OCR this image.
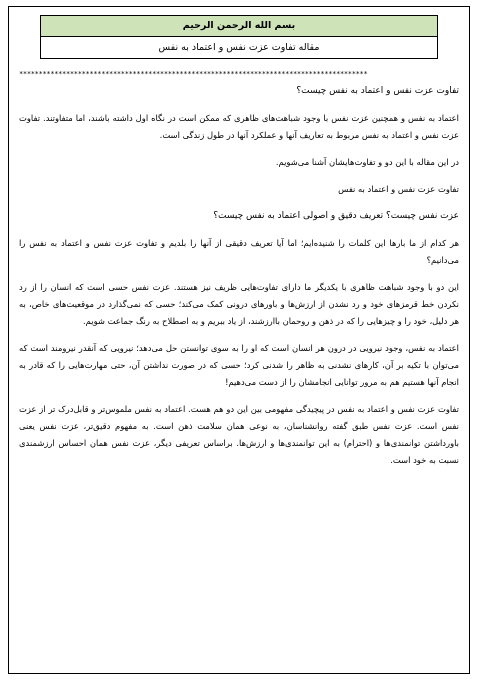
بسم الله الرحمن الرحیم
مقاله تفاوت عزت نفس و اعتماد به نفس
*****************************************************************************************

تفاوت عزت نفس و اعتماد به نفس چیست؟

اعتماد به نفس و همچنین عزت نفس با وجود شباهت‌های ظاهری که ممکن است در نگاه اول داشته باشند، اما متفاوتند. تفاوت عزت نفس و اعتماد به نفس مربوط به تعاریف آنها و عملکرد آنها در طول زندگی است.

در این مقاله با این دو و تفاوت‌هایشان آشنا می‌شویم.

تفاوت عزت نفس و اعتماد به نفس

عزت نفس چیست؟ تعریف دقیق و اصولی اعتماد به نفس چیست؟

هر کدام از ما بارها این کلمات را شنیده‌ایم؛ اما آیا تعریف دقیقی از آنها را بلدیم و تفاوت عزت نفس و اعتماد به نفس را می‌دانیم؟

این دو با وجود شباهت ظاهری با یکدیگر ما دارای تفاوت‌هایی ظریف نیز هستند. عزت نفس حسی است که انسان را از رد نکردن خط قرمزهای خود و رد نشدن از ارزش‌ها و باورهای درونی کمک می‌کند؛ حسی که نمی‌گذارد در موقعیت‌های خاص، به هر دلیل، خود را و چیزهایی را که در ذهن و روحمان باارزشند، از یاد ببریم و به اصطلاح به رنگ جماعت شویم.

اعتماد به نفس، وجود نیرویی در درون هر انسان است که او را به سوی توانستن حل می‌دهد؛ نیرویی که آنقدر نیرومند است که می‌توان با تکیه بر آن، کارهای نشدنی به ظاهر را شدنی کرد؛ حسی که در صورت نداشتن آن، حتی مهارت‌هایی را که قادر به انجام آنها هستیم هم به مرور توانایی انجامشان را از دست می‌دهیم!

تفاوت عزت نفس و اعتماد به نفس در پیچیدگی مفهومی بین این دو هم هست. اعتماد به نفس ملموس‌تر و قابل‌درک تر از عزت نفس است. عزت نفس طبق گفته روانشناسان، به نوعی همان سلامت ذهن است. به مفهوم دقیق‌تر، عزت نفس یعنی باورداشتن توانمندی‌ها و (احترام) به این توانمندی‌ها و ارزش‌ها. براساس تعریفی دیگر، عزت نفس همان احساس ارزشمندی نسبت به خود است.
